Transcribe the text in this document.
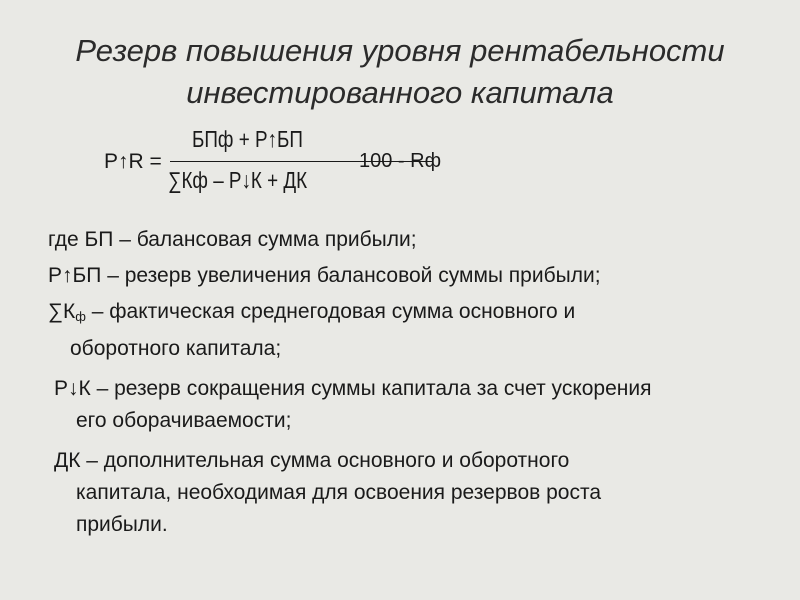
Резерв повышения уровня рентабельности
инвестированного капитала
Р↑R =
БПф + Р↑БП
∑Кф – Р↓К + ДК
100 - Rф

где БП – балансовая сумма прибыли;

Р↑БП – резерв увеличения балансовой суммы прибыли;

$\sum К_ф$ – фактическая среднегодовая сумма основного и
оборотного капитала;

Р↓К – резерв сокращения суммы капитала за счет ускорения
его оборачиваемости;

ДК – дополнительная сумма основного и оборотного
капитала, необходимая для освоения резервов роста
прибыли.
